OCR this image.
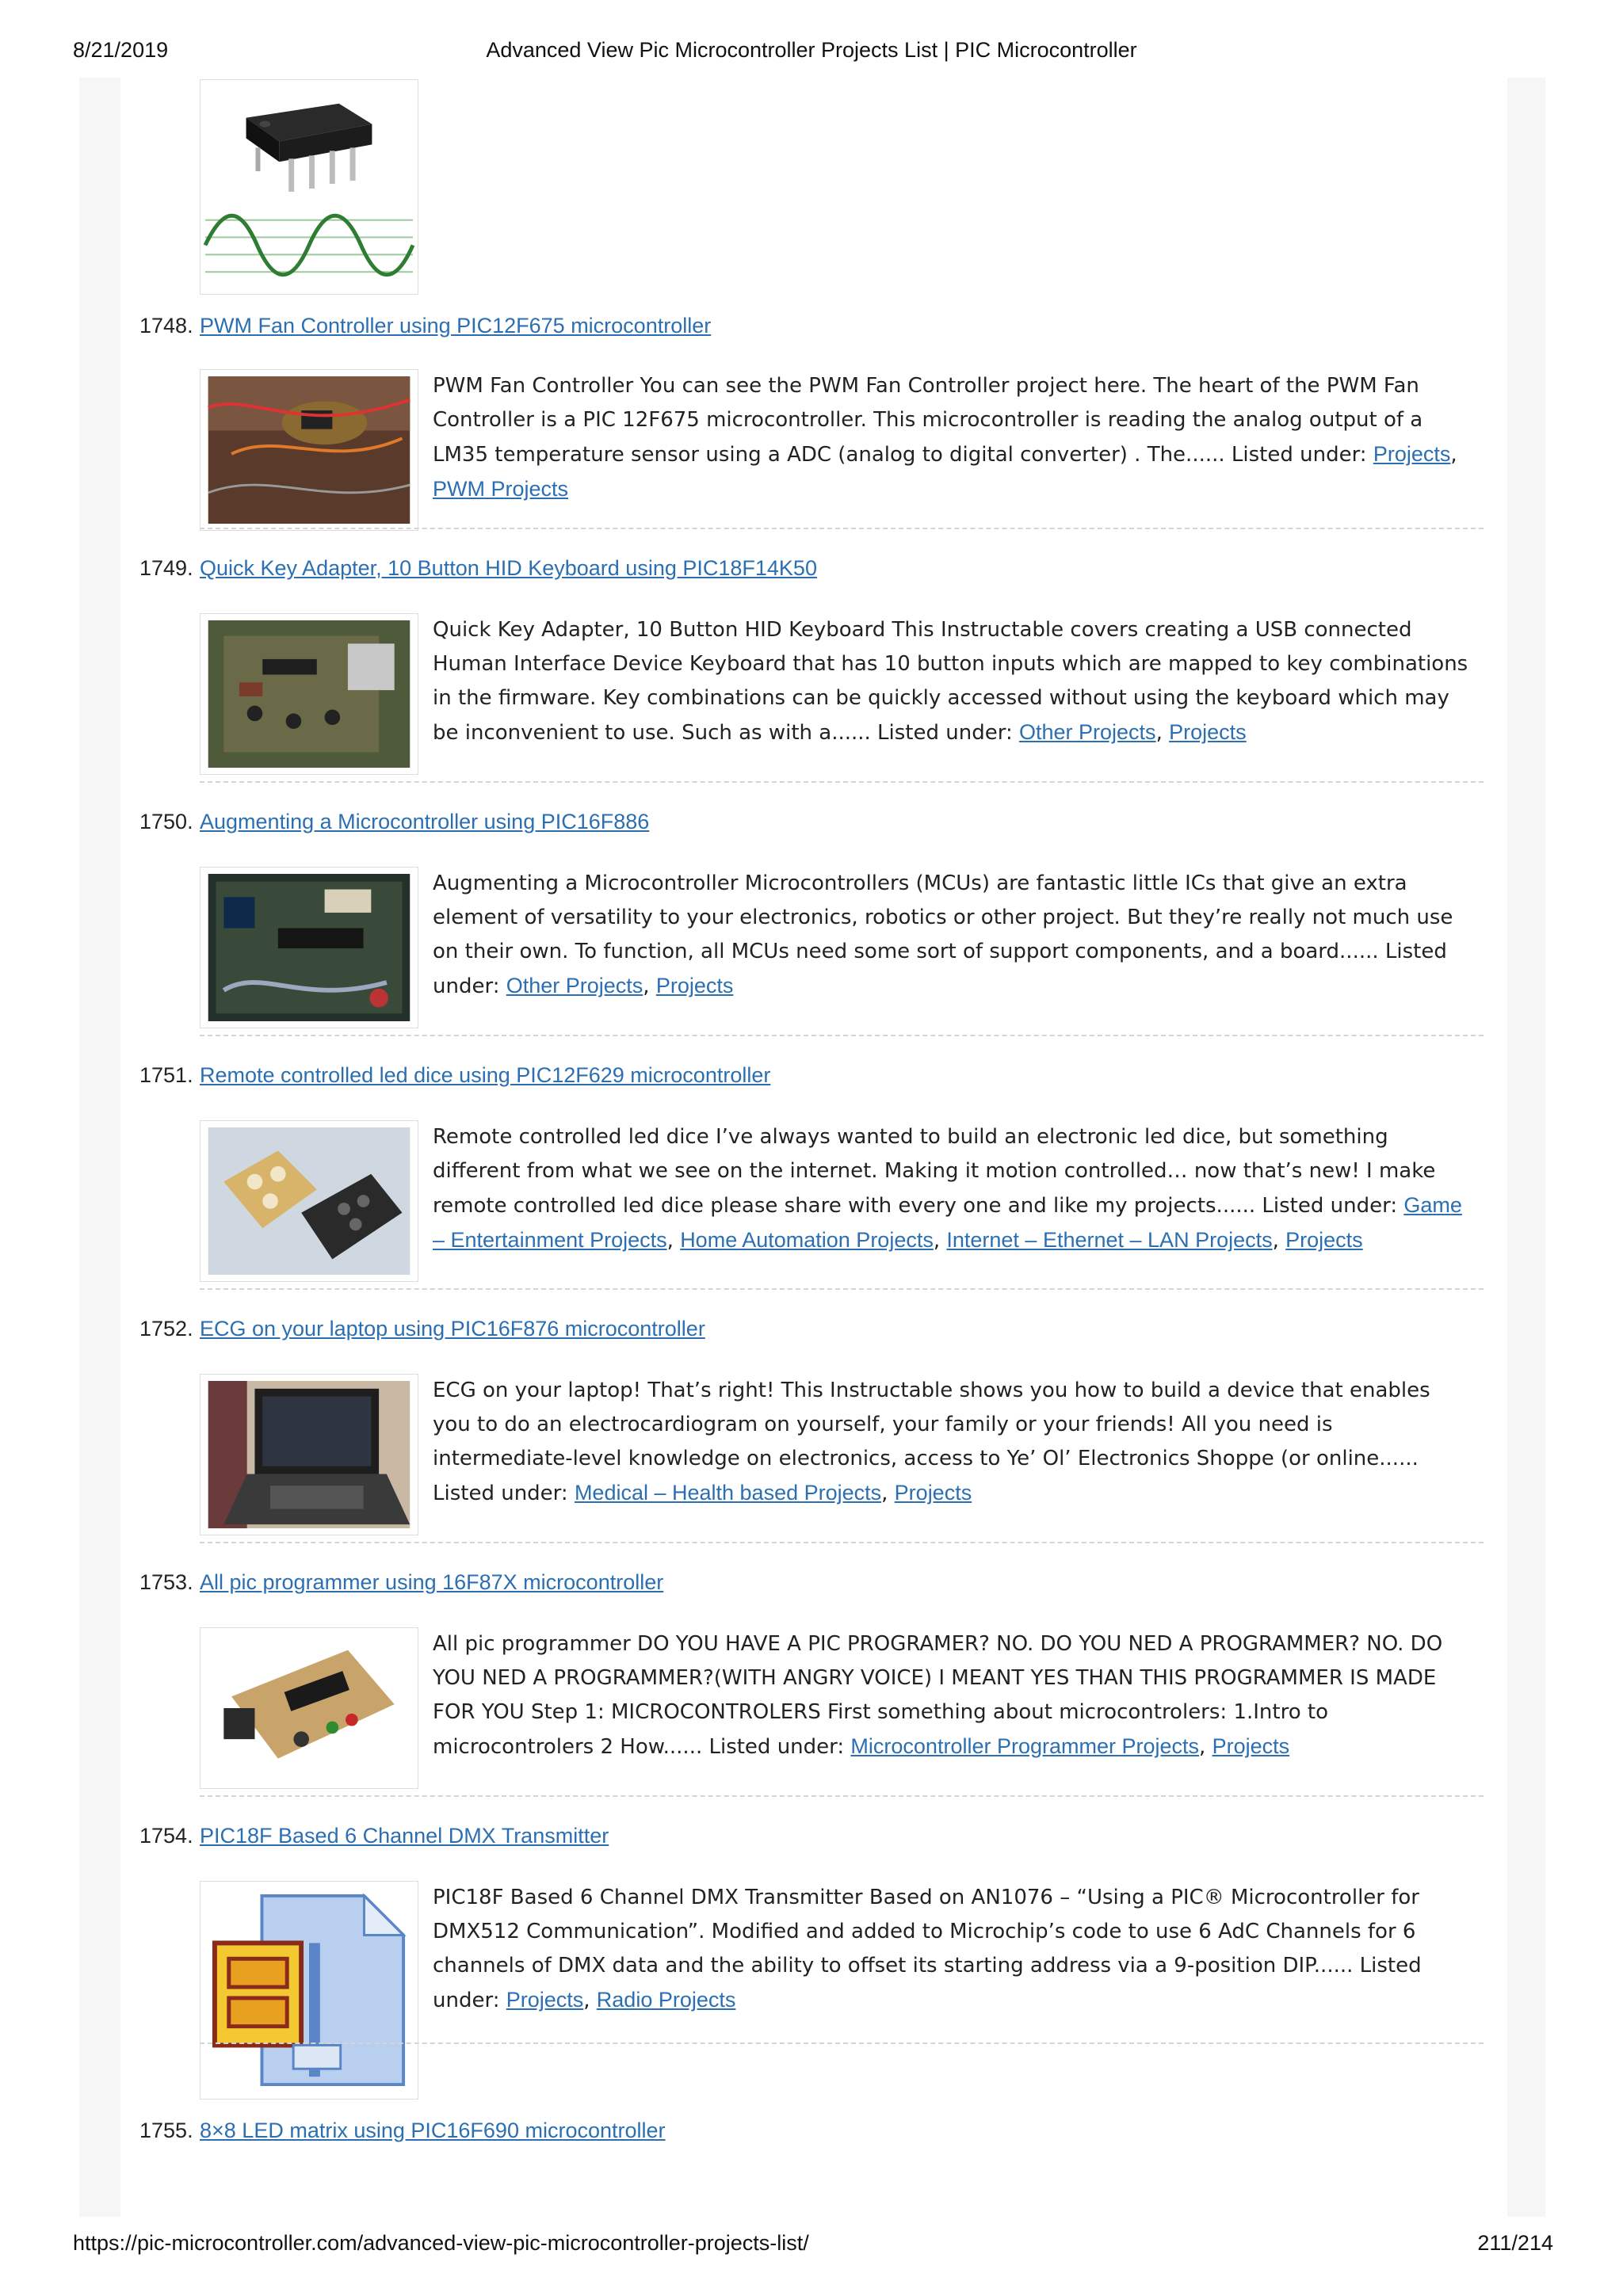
8/21/2019	Advanced View Pic Microcontroller Projects List | PIC Microcontroller
1748. PWM Fan Controller using PIC12F675 microcontroller
PWM Fan Controller You can see the PWM Fan Controller project here. The heart of the PWM Fan Controller is a PIC 12F675 microcontroller. This microcontroller is reading the analog output of a LM35 temperature sensor using a ADC (analog to digital converter) . The...... Listed under: Projects, PWM Projects
1749. Quick Key Adapter, 10 Button HID Keyboard using PIC18F14K50
Quick Key Adapter, 10 Button HID Keyboard This Instructable covers creating a USB connected Human Interface Device Keyboard that has 10 button inputs which are mapped to key combinations in the firmware. Key combinations can be quickly accessed without using the keyboard which may be inconvenient to use. Such as with a...... Listed under: Other Projects, Projects
1750. Augmenting a Microcontroller using PIC16F886
Augmenting a Microcontroller Microcontrollers (MCUs) are fantastic little ICs that give an extra element of versatility to your electronics, robotics or other project. But they’re really not much use on their own. To function, all MCUs need some sort of support components, and a board...... Listed under: Other Projects, Projects
1751. Remote controlled led dice using PIC12F629 microcontroller
Remote controlled led dice I’ve always wanted to build an electronic led dice, but something different from what we see on the internet. Making it motion controlled… now that’s new! I make remote controlled led dice please share with every one and like my projects...... Listed under: Game – Entertainment Projects, Home Automation Projects, Internet – Ethernet – LAN Projects, Projects
1752. ECG on your laptop using PIC16F876 microcontroller
ECG on your laptop! That’s right! This Instructable shows you how to build a device that enables you to do an electrocardiogram on yourself, your family or your friends! All you need is intermediate-level knowledge on electronics, access to Ye’ Ol’ Electronics Shoppe (or online...... Listed under: Medical – Health based Projects, Projects
1753. All pic programmer using 16F87X microcontroller
All pic programmer DO YOU HAVE A PIC PROGRAMER? NO. DO YOU NED A PROGRAMMER? NO. DO YOU NED A PROGRAMMER?(WITH ANGRY VOICE) I MEANT YES THAN THIS PROGRAMMER IS MADE FOR YOU Step 1: MICROCONTROLERS First something about microcontrolers: 1.Intro to microcontrolers 2 How...... Listed under: Microcontroller Programmer Projects, Projects
1754. PIC18F Based 6 Channel DMX Transmitter
PIC18F Based 6 Channel DMX Transmitter Based on AN1076 – “Using a PIC® Microcontroller for DMX512 Communication”. Modified and added to Microchip’s code to use 6 AdC Channels for 6 channels of DMX data and the ability to offset its starting address via a 9-position DIP...... Listed under: Projects, Radio Projects
1755. 8×8 LED matrix using PIC16F690 microcontroller
https://pic-microcontroller.com/advanced-view-pic-microcontroller-projects-list/	211/214
